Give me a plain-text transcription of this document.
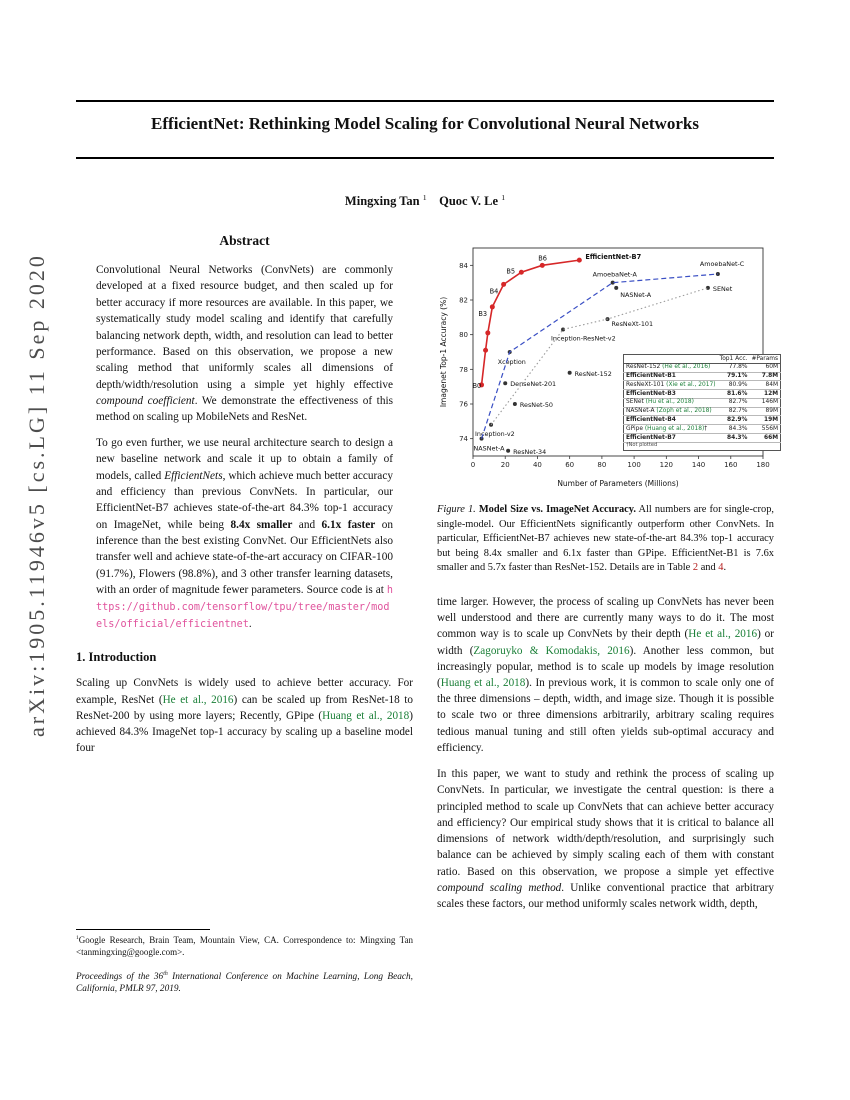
arXiv:1905.11946v5 [cs.LG] 11 Sep 2020
EfficientNet: Rethinking Model Scaling for Convolutional Neural Networks
Mingxing Tan $^1$ Quoc V. Le $^1$
Abstract

Convolutional Neural Networks (ConvNets) are commonly developed at a fixed resource budget, and then scaled up for better accuracy if more resources are available. In this paper, we systematically study model scaling and identify that carefully balancing network depth, width, and resolution can lead to better performance. Based on this observation, we propose a new scaling method that uniformly scales all dimensions of depth/width/resolution using a simple yet highly effective compound coefficient. We demonstrate the effectiveness of this method on scaling up MobileNets and ResNet.

To go even further, we use neural architecture search to design a new baseline network and scale it up to obtain a family of models, called EfficientNets, which achieve much better accuracy and efficiency than previous ConvNets. In particular, our EfficientNet-B7 achieves state-of-the-art 84.3% top-1 accuracy on ImageNet, while being 8.4x smaller and 6.1x faster on inference than the best existing ConvNet. Our EfficientNets also transfer well and achieve state-of-the-art accuracy on CIFAR-100 (91.7%), Flowers (98.8%), and 3 other transfer learning datasets, with an order of magnitude fewer parameters. Source code is at https://github.com/tensorflow/tpu/tree/master/models/official/efficientnet.

1. Introduction

Scaling up ConvNets is widely used to achieve better accuracy. For example, ResNet (He et al., 2016) can be scaled up from ResNet-18 to ResNet-200 by using more layers; Recently, GPipe (Huang et al., 2018) achieved 84.3% ImageNet top-1 accuracy by scaling up a baseline model four

$^1$Google Research, Brain Team, Mountain View, CA. Correspondence to: Mingxing Tan <tanmingxing@google.com>.

Proceedings of the 36th International Conference on Machine Learning, Long Beach, California, PMLR 97, 2019.

0	20	40	60	80	100	120	140	160	180
74
76
78
80
82
84
Number of Parameters (Millions)
Imagenet Top-1 Accuracy (%)
NASNet-A ResNet-34
Inception-v2
ResNet-50
DenseNet-201
ResNet-152
Xception
Inception-ResNet-v2
ResNeXt-101
NASNet-A
AmoebaNet-A
SENet
AmoebaNet-C
B0
B3
B4
B5
B6	EfficientNet-B7
	Top1 Acc.	#Params
ResNet-152 (He et al., 2016)	77.8%	60M
EfficientNet-B1	79.1%	7.8M
ResNeXt-101 (Xie et al., 2017)	80.9%	84M
EfficientNet-B3	81.6%	12M
SENet (Hu et al., 2018)	82.7%	146M
NASNet-A (Zoph et al., 2018)	82.7%	89M
EfficientNet-B4	82.9%	19M
GPipe (Huang et al., 2018)†	84.3%	556M
EfficientNet-B7	84.3%	66M
†Not plotted		

Figure 1. Model Size vs. ImageNet Accuracy. All numbers are for single-crop, single-model. Our EfficientNets significantly outperform other ConvNets. In particular, EfficientNet-B7 achieves new state-of-the-art 84.3% top-1 accuracy but being 8.4x smaller and 6.1x faster than GPipe. EfficientNet-B1 is 7.6x smaller and 5.7x faster than ResNet-152. Details are in Table 2 and 4.

time larger. However, the process of scaling up ConvNets has never been well understood and there are currently many ways to do it. The most common way is to scale up ConvNets by their depth (He et al., 2016) or width (Zagoruyko & Komodakis, 2016). Another less common, but increasingly popular, method is to scale up models by image resolution (Huang et al., 2018). In previous work, it is common to scale only one of the three dimensions – depth, width, and image size. Though it is possible to scale two or three dimensions arbitrarily, arbitrary scaling requires tedious manual tuning and still often yields sub-optimal accuracy and efficiency.

In this paper, we want to study and rethink the process of scaling up ConvNets. In particular, we investigate the central question: is there a principled method to scale up ConvNets that can achieve better accuracy and efficiency? Our empirical study shows that it is critical to balance all dimensions of network width/depth/resolution, and surprisingly such balance can be achieved by simply scaling each of them with constant ratio. Based on this observation, we propose a simple yet effective compound scaling method. Unlike conventional practice that arbitrary scales these factors, our method uniformly scales network width, depth,
